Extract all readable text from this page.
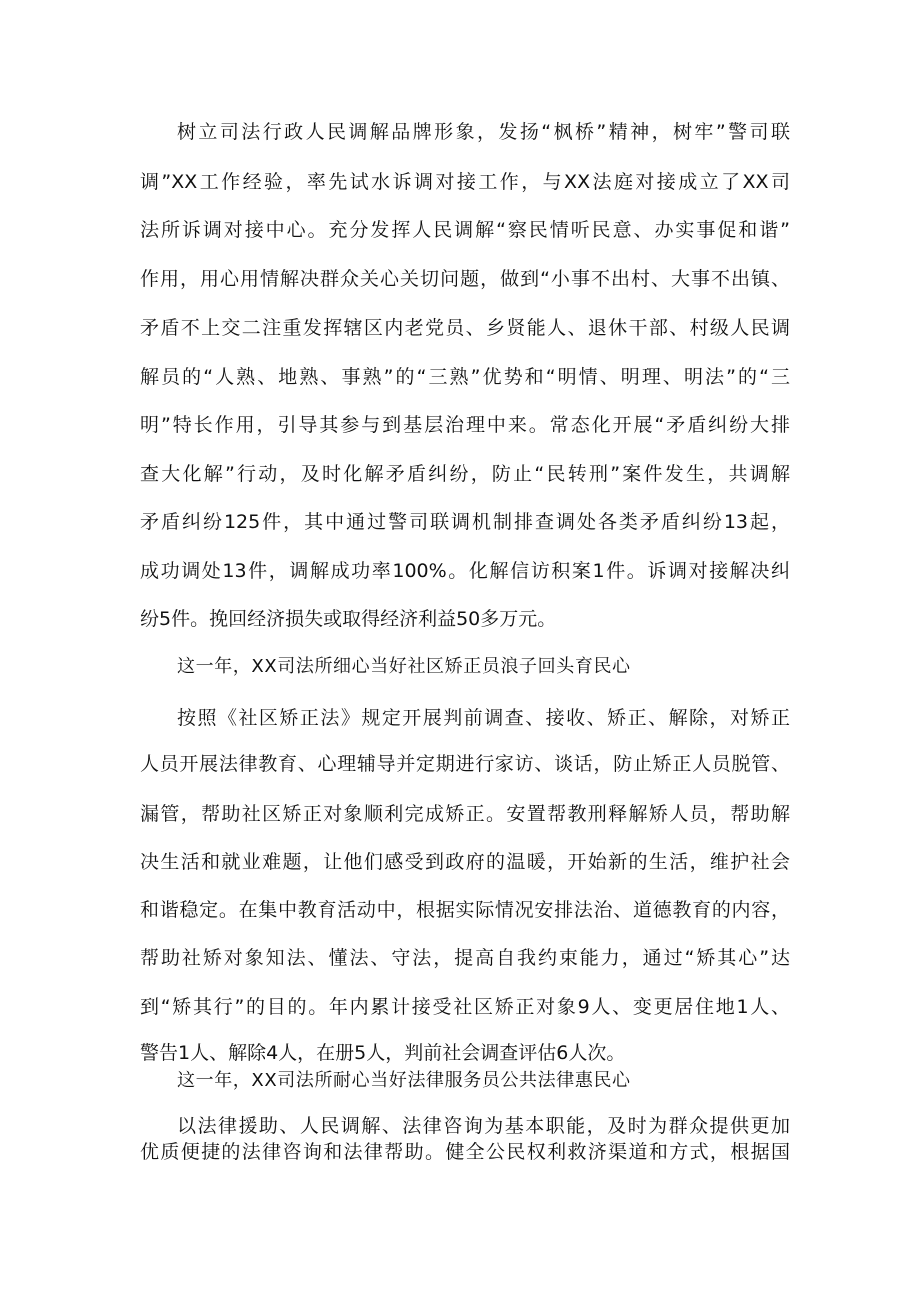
树立司法行政人民调解品牌形象，发扬“枫桥”精神，树牢”警司联

调”XX工作经验，率先试水诉调对接工作，与XX法庭对接成立了XX司

法所诉调对接中心。充分发挥人民调解“察民情听民意、办实事促和谐”

作用，用心用情解决群众关心关切问题，做到“小事不出村、大事不出镇、

矛盾不上交二注重发挥辖区内老党员、乡贤能人、退休干部、村级人民调

解员的“人熟、地熟、事熟”的“三熟”优势和“明情、明理、明法”的“三

明”特长作用，引导其参与到基层治理中来。常态化开展“矛盾纠纷大排

查大化解”行动，及时化解矛盾纠纷，防止“民转刑”案件发生，共调解

矛盾纠纷125件，其中通过警司联调机制排查调处各类矛盾纠纷13起，

成功调处13件，调解成功率100%。化解信访积案1件。诉调对接解决纠

纷5件。挽回经济损失或取得经济利益50多万元。

这一年，XX司法所细心当好社区矫正员浪子回头育民心

按照《社区矫正法》规定开展判前调查、接收、矫正、解除，对矫正

人员开展法律教育、心理辅导并定期进行家访、谈话，防止矫正人员脱管、

漏管，帮助社区矫正对象顺利完成矫正。安置帮教刑释解矫人员，帮助解

决生活和就业难题，让他们感受到政府的温暖，开始新的生活，维护社会

和谐稳定。在集中教育活动中，根据实际情况安排法治、道德教育的内容，

帮助社矫对象知法、懂法、守法，提高自我约束能力，通过“矫其心”达

到“矫其行”的目的。年内累计接受社区矫正对象9人、变更居住地1人、

警告1人、解除4人，在册5人，判前社会调查评估6人次。

这一年，XX司法所耐心当好法律服务员公共法律惠民心

以法律援助、人民调解、法律咨询为基本职能，及时为群众提供更加

优质便捷的法律咨询和法律帮助。健全公民权利救济渠道和方式，根据国
